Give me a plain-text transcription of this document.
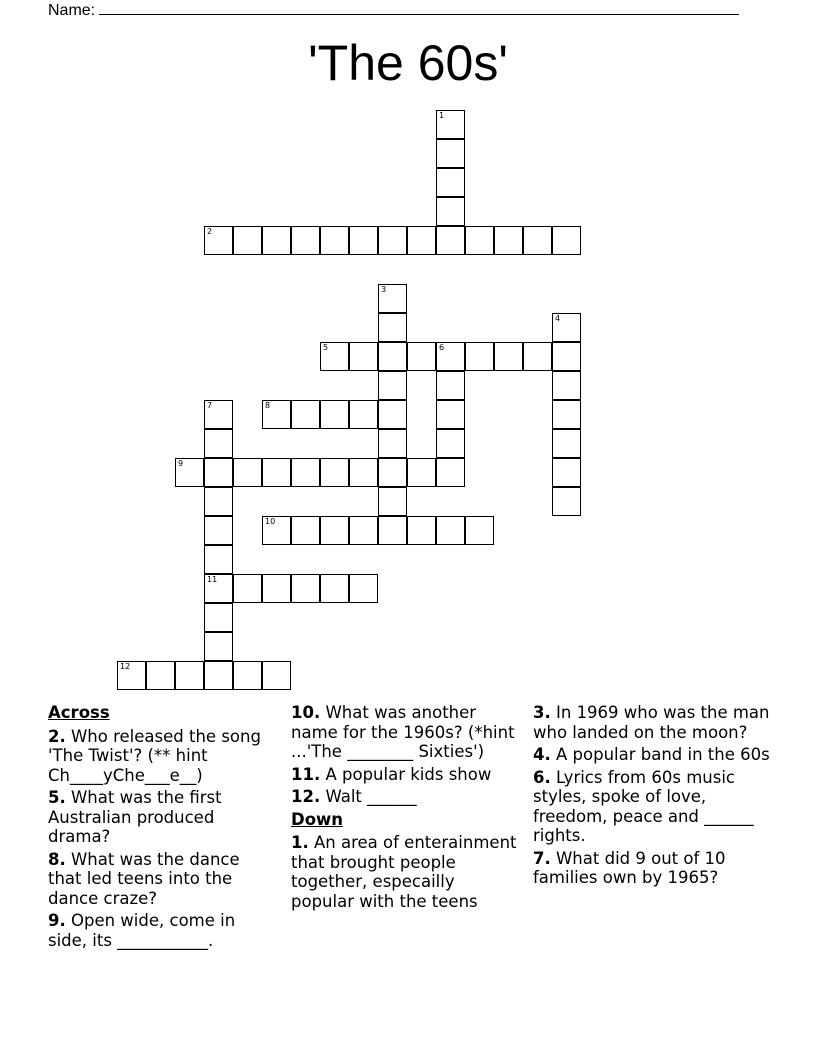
Name:
'The 60s'
1
2
3
4
5	6
7
11
8
9
10
12
Across
2. Who released the song 'The Twist'? (** hint Ch____yChe___e__)
5. What was the first Australian produced drama?
8. What was the dance that led teens into the dance craze?
9. Open wide, come in side, its ___________.
10. What was another name for the 1960s? (*hint ...'The ________ Sixties')
11. A popular kids show
12. Walt ______
Down
1. An area of enterainment that brought people together, especailly popular with the teens
3. In 1969 who was the man who landed on the moon?
4. A popular band in the 60s
6. Lyrics from 60s music styles, spoke of love, freedom, peace and ______ rights.
7. What did 9 out of 10 families own by 1965?
